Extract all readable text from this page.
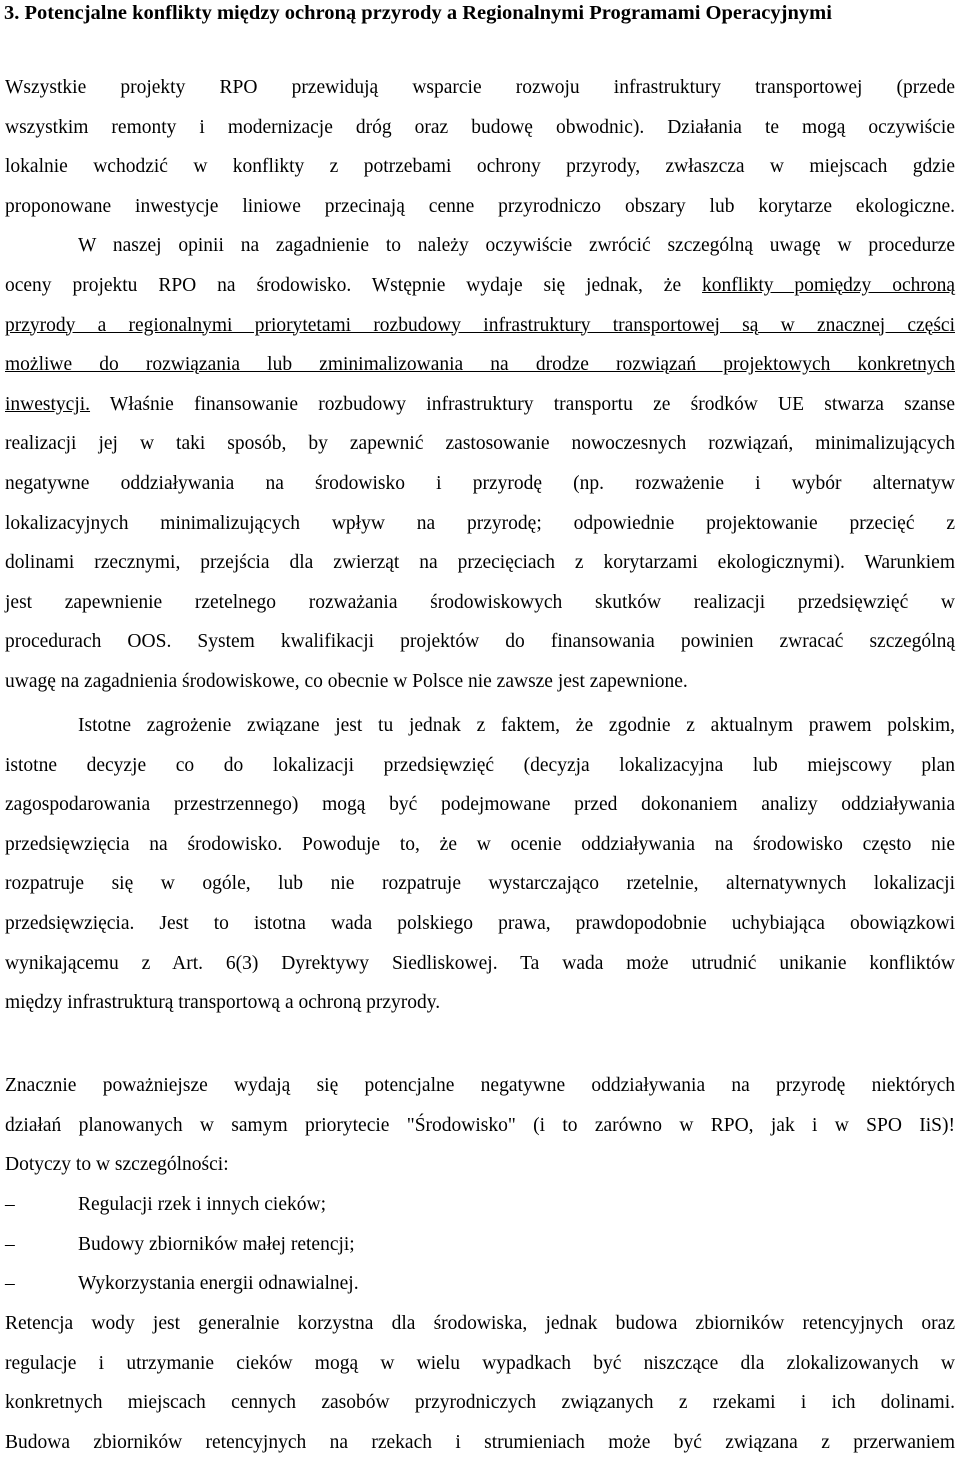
3. Potencjalne konflikty między ochroną przyrody a Regionalnymi Programami Operacyjnymi
Wszystkie projekty RPO przewidują wsparcie rozwoju infrastruktury transportowej (przede
wszystkim remonty i modernizacje dróg oraz budowę obwodnic). Działania te mogą oczywiście
lokalnie wchodzić w konflikty z potrzebami ochrony przyrody, zwłaszcza w miejscach gdzie
proponowane inwestycje liniowe przecinają cenne przyrodniczo obszary lub korytarze ekologiczne.
W naszej opinii na zagadnienie to należy oczywiście zwrócić szczególną uwagę w procedurze
oceny projektu RPO na środowisko. Wstępnie wydaje się jednak, że konflikty pomiędzy ochroną
przyrody a regionalnymi priorytetami rozbudowy infrastruktury transportowej są w znacznej części
możliwe do rozwiązania lub zminimalizowania na drodze rozwiązań projektowych konkretnych
inwestycji. Właśnie finansowanie rozbudowy infrastruktury transportu ze środków UE stwarza szanse
realizacji jej w taki sposób, by zapewnić zastosowanie nowoczesnych rozwiązań, minimalizujących
negatywne oddziaływania na środowisko i przyrodę (np. rozważenie i wybór alternatyw
lokalizacyjnych minimalizujących wpływ na przyrodę; odpowiednie projektowanie przecięć z
dolinami rzecznymi, przejścia dla zwierząt na przecięciach z korytarzami ekologicznymi). Warunkiem
jest zapewnienie rzetelnego rozważania środowiskowych skutków realizacji przedsięwzięć w
procedurach OOS. System kwalifikacji projektów do finansowania powinien zwracać szczególną
uwagę na zagadnienia środowiskowe, co obecnie w Polsce nie zawsze jest zapewnione.
Istotne zagrożenie związane jest tu jednak z faktem, że zgodnie z aktualnym prawem polskim,
istotne decyzje co do lokalizacji przedsięwzięć (decyzja lokalizacyjna lub miejscowy plan
zagospodarowania przestrzennego) mogą być podejmowane przed dokonaniem analizy oddziaływania
przedsięwzięcia na środowisko. Powoduje to, że w ocenie oddziaływania na środowisko często nie
rozpatruje się w ogóle, lub nie rozpatruje wystarczająco rzetelnie, alternatywnych lokalizacji
przedsięwzięcia. Jest to istotna wada polskiego prawa, prawdopodobnie uchybiająca obowiązkowi
wynikającemu z Art. 6(3) Dyrektywy Siedliskowej. Ta wada może utrudnić unikanie konfliktów
między infrastrukturą transportową a ochroną przyrody.
Znacznie poważniejsze wydają się potencjalne negatywne oddziaływania na przyrodę niektórych
działań planowanych w samym priorytecie "Środowisko" (i to zarówno w RPO, jak i w SPO IiS)!
Dotyczy to w szczególności:
–	Regulacji rzek i innych cieków;
–	Budowy zbiorników małej retencji;
–	Wykorzystania energii odnawialnej.
Retencja wody jest generalnie korzystna dla środowiska, jednak budowa zbiorników retencyjnych oraz
regulacje i utrzymanie cieków mogą w wielu wypadkach być niszczące dla zlokalizowanych w
konkretnych miejscach cennych zasobów przyrodniczych związanych z rzekami i ich dolinami.
Budowa zbiorników retencyjnych na rzekach i strumieniach może być związana z przerwaniem
